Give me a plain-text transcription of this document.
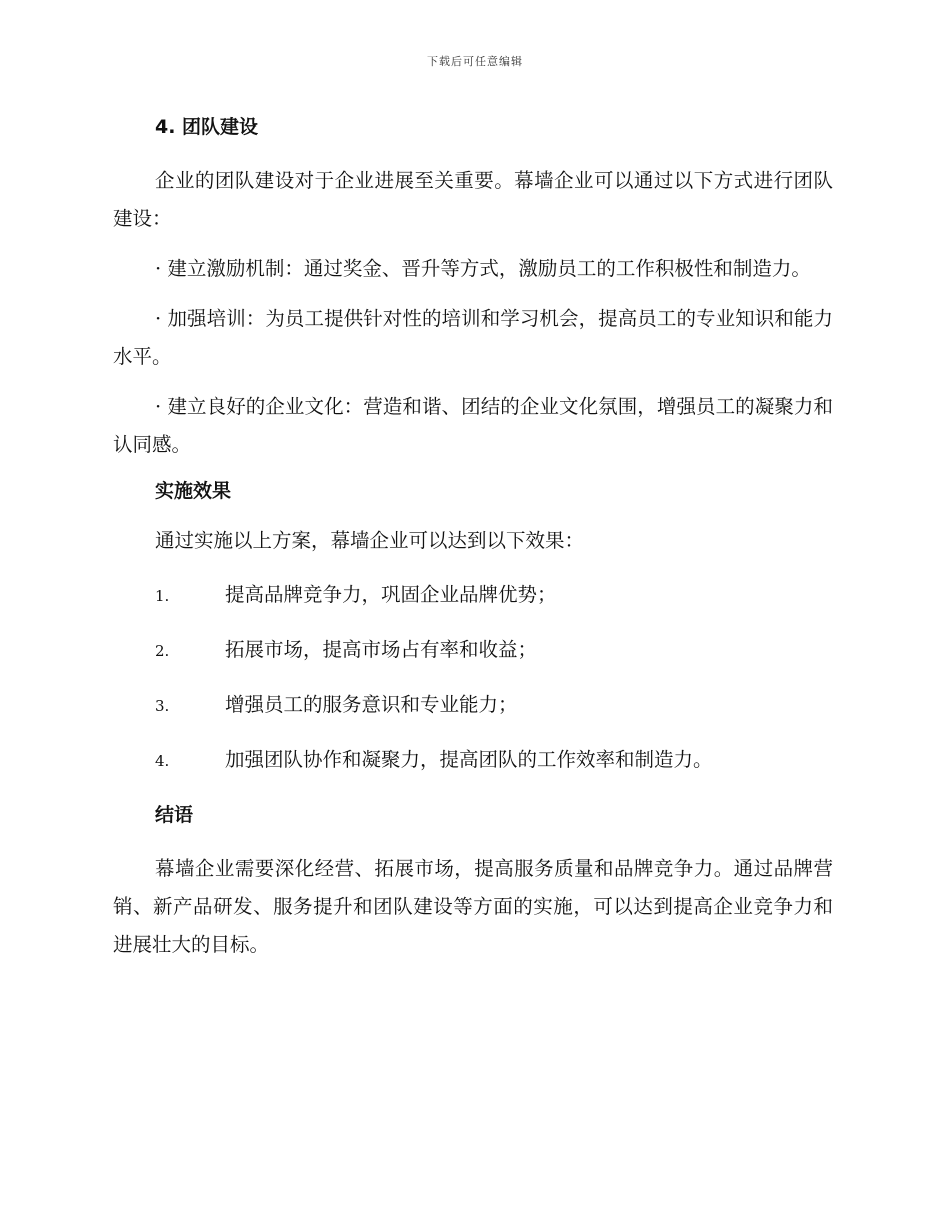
下载后可任意编辑
4. 团队建设

企业的团队建设对于企业进展至关重要。幕墙企业可以通过以下方式进行团队建设：

· 建立激励机制：通过奖金、晋升等方式，激励员工的工作积极性和制造力。

· 加强培训：为员工提供针对性的培训和学习机会，提高员工的专业知识和能力水平。

· 建立良好的企业文化：营造和谐、团结的企业文化氛围，增强员工的凝聚力和认同感。

实施效果

通过实施以上方案，幕墙企业可以达到以下效果：

1.	提高品牌竞争力，巩固企业品牌优势；
2.	拓展市场，提高市场占有率和收益；
3.	增强员工的服务意识和专业能力；
4.	加强团队协作和凝聚力，提高团队的工作效率和制造力。
结语

幕墙企业需要深化经营、拓展市场，提高服务质量和品牌竞争力。通过品牌营销、新产品研发、服务提升和团队建设等方面的实施，可以达到提高企业竞争力和进展壮大的目标。
